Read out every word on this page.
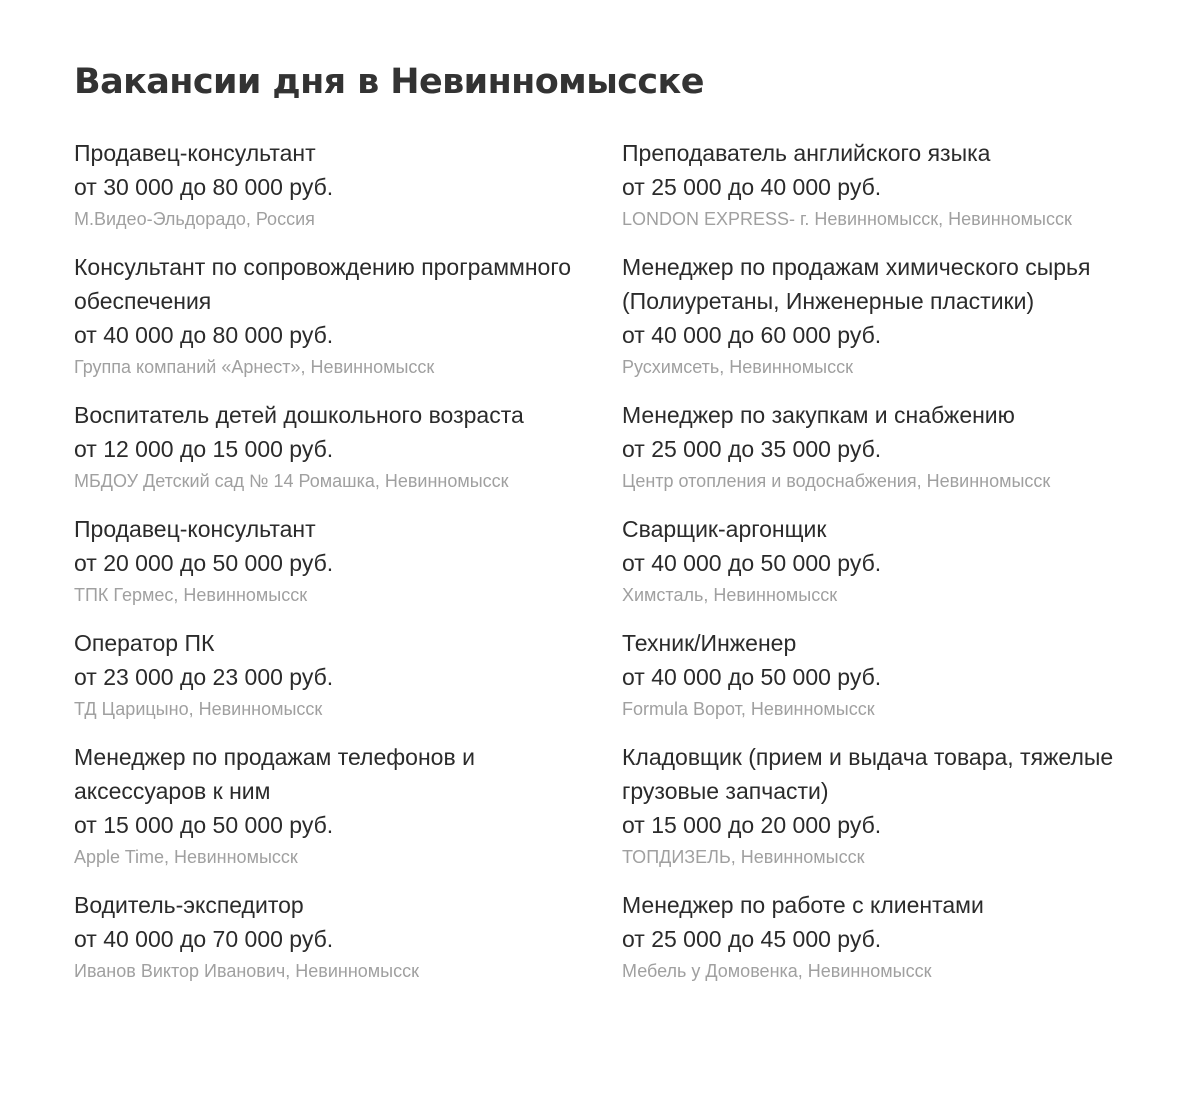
Вакансии дня в Невинномысске
Продавец-консультант
от 30 000 до 80 000 руб.
М.Видео-Эльдорадо, Россия
Консультант по сопровождению программного обеспечения
от 40 000 до 80 000 руб.
Группа компаний «Арнест», Невинномысск
Воспитатель детей дошкольного возраста
от 12 000 до 15 000 руб.
МБДОУ Детский сад № 14 Ромашка, Невинномысск
Продавец-консультант
от 20 000 до 50 000 руб.
ТПК Гермес, Невинномысск
Оператор ПК
от 23 000 до 23 000 руб.
ТД Царицыно, Невинномысск
Менеджер по продажам телефонов и аксессуаров к ним
от 15 000 до 50 000 руб.
Apple Time, Невинномысск
Водитель-экспедитор
от 40 000 до 70 000 руб.
Иванов Виктор Иванович, Невинномысск
Преподаватель английского языка
от 25 000 до 40 000 руб.
LONDON EXPRESS- г. Невинномысск, Невинномысск
Менеджер по продажам химического сырья (Полиуретаны, Инженерные пластики)
от 40 000 до 60 000 руб.
Русхимсеть, Невинномысск
Менеджер по закупкам и снабжению
от 25 000 до 35 000 руб.
Центр отопления и водоснабжения, Невинномысск
Сварщик-аргонщик
от 40 000 до 50 000 руб.
Химсталь, Невинномысск
Техник/Инженер
от 40 000 до 50 000 руб.
Formula Ворот, Невинномысск
Кладовщик (прием и выдача товара, тяжелые грузовые запчасти)
от 15 000 до 20 000 руб.
ТОПДИЗЕЛЬ, Невинномысск
Менеджер по работе с клиентами
от 25 000 до 45 000 руб.
Мебель у Домовенка, Невинномысск
